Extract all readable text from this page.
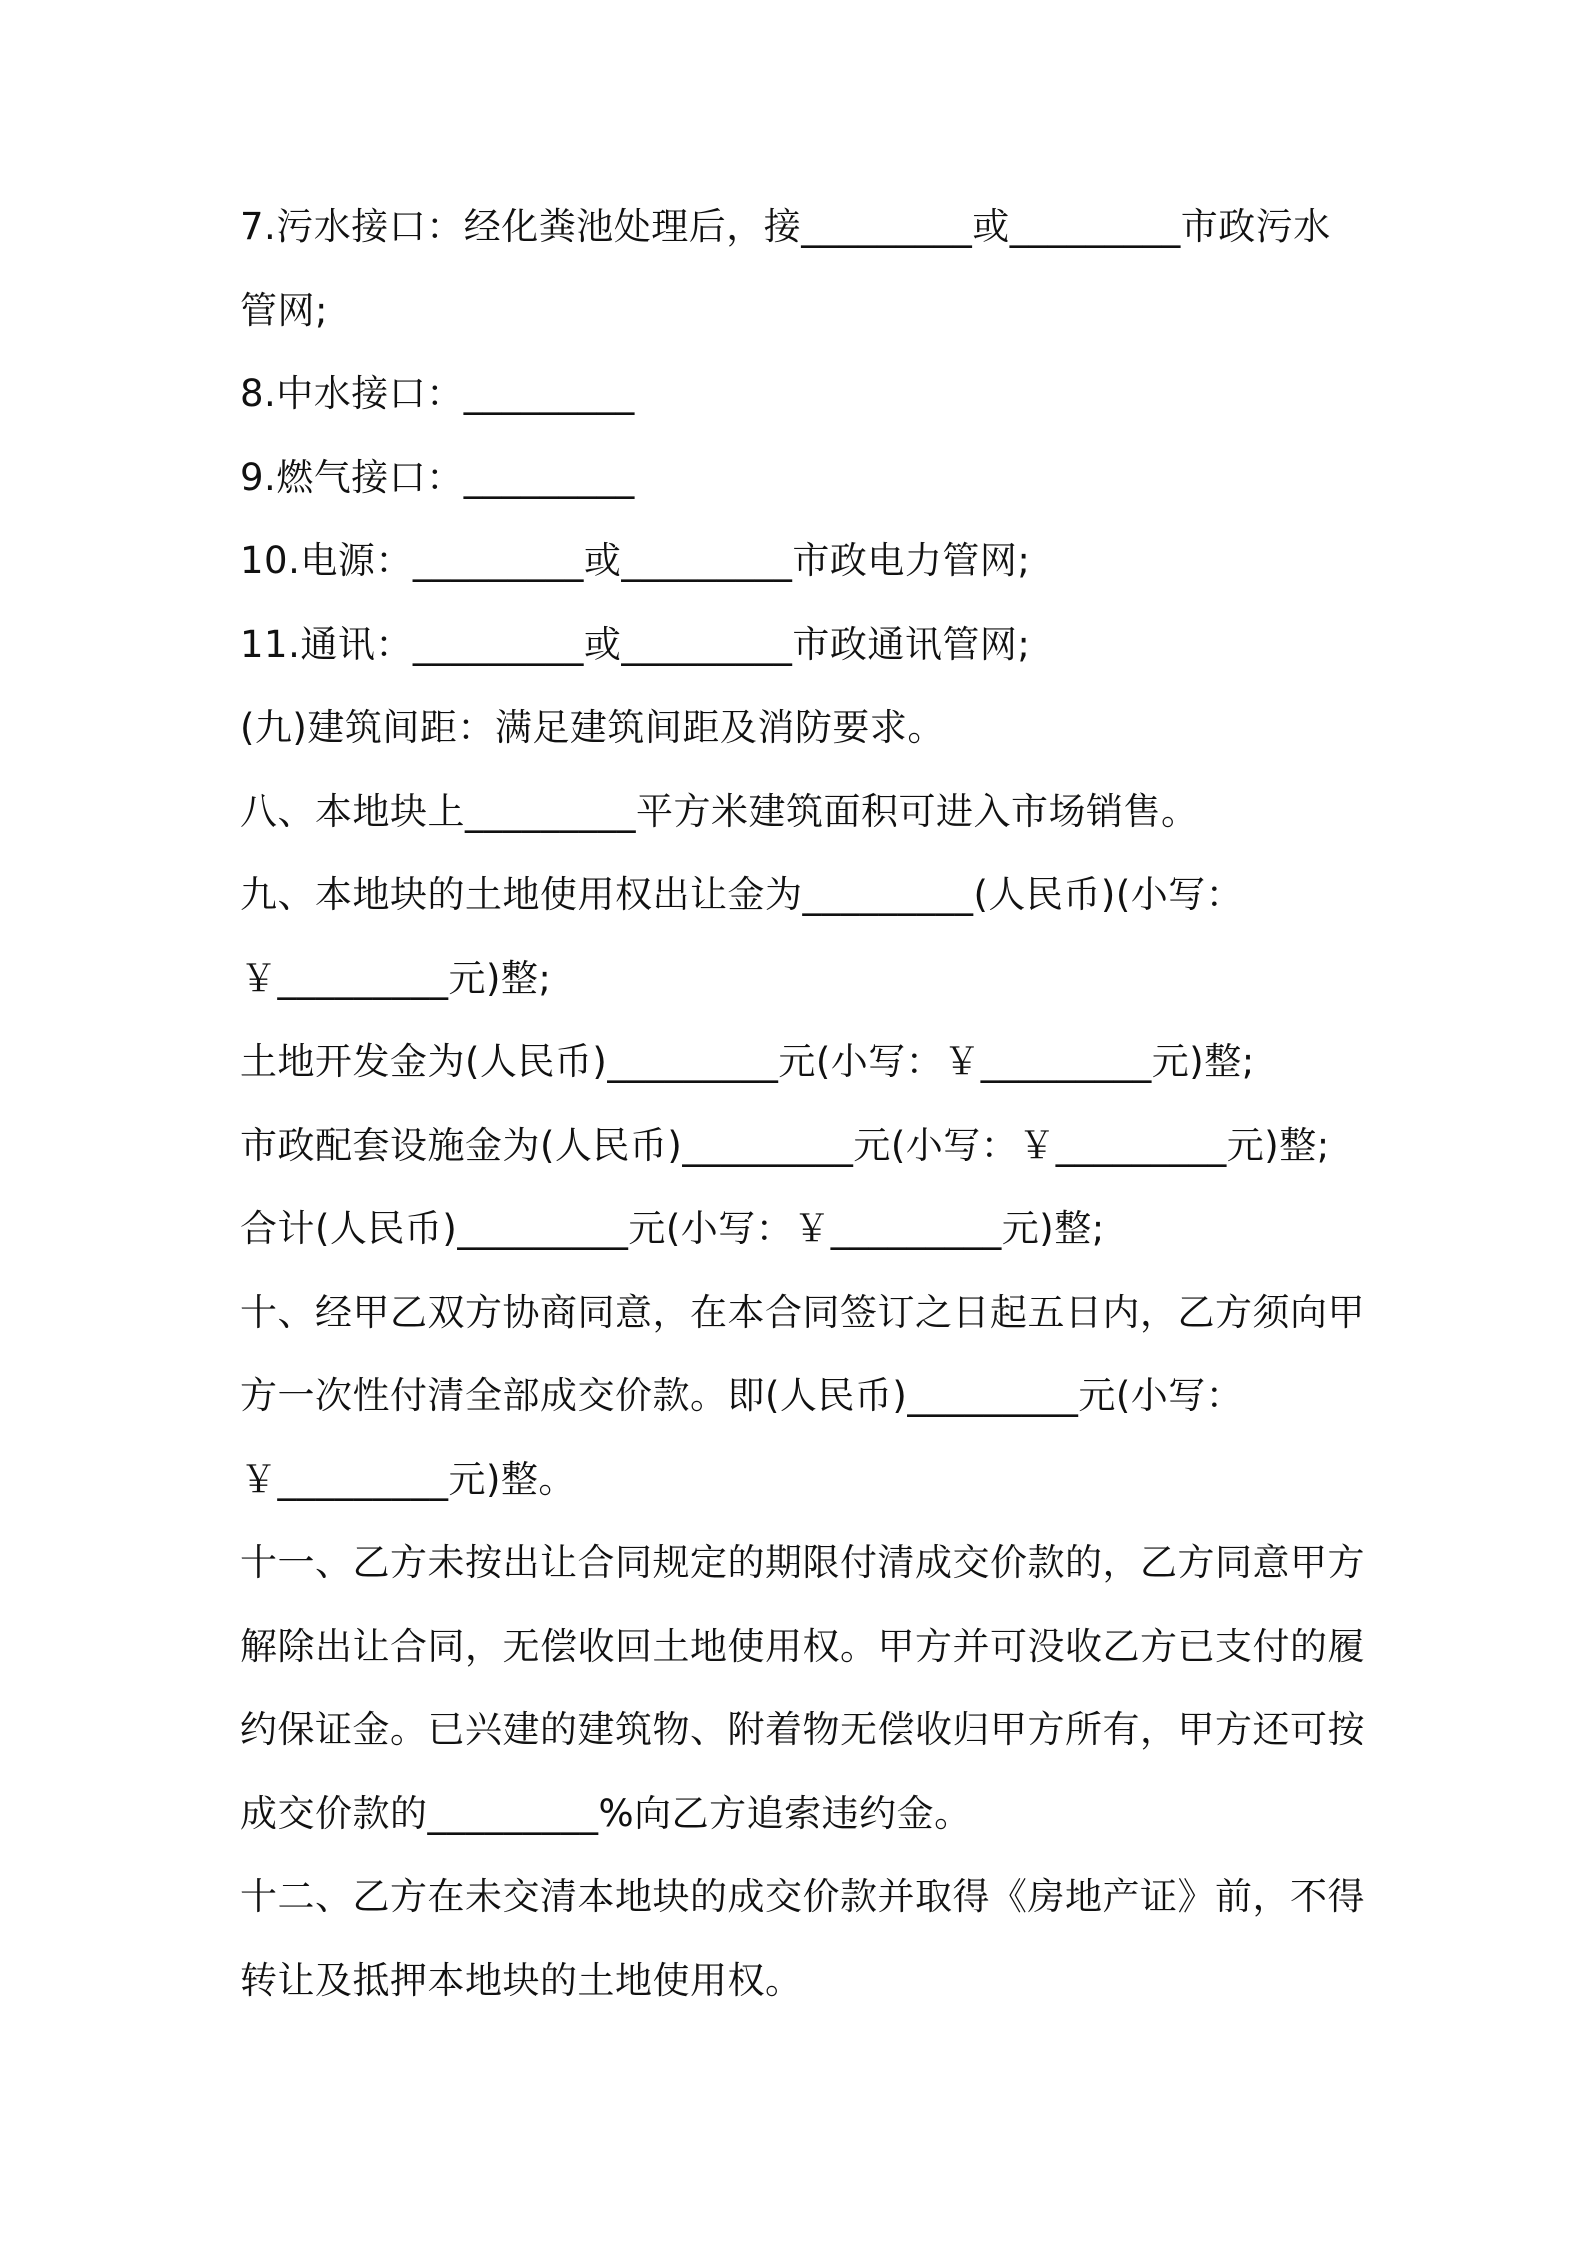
7.污水接口：经化粪池处理后，接_________或_________市政污水
管网;
8.中水接口：_________
9.燃气接口：_________
10.电源：_________或_________市政电力管网;
11.通讯：_________或_________市政通讯管网;
(九)建筑间距：满足建筑间距及消防要求。
八、本地块上_________平方米建筑面积可进入市场销售。
九、本地块的土地使用权出让金为_________(人民币)(小写：
￥_________元)整;
土地开发金为(人民币)_________元(小写：￥_________元)整;
市政配套设施金为(人民币)_________元(小写：￥_________元)整;
合计(人民币)_________元(小写：￥_________元)整;
十、经甲乙双方协商同意，在本合同签订之日起五日内，乙方须向甲
方一次性付清全部成交价款。即(人民币)_________元(小写：
￥_________元)整。
十一、乙方未按出让合同规定的期限付清成交价款的，乙方同意甲方
解除出让合同，无偿收回土地使用权。甲方并可没收乙方已支付的履
约保证金。已兴建的建筑物、附着物无偿收归甲方所有，甲方还可按
成交价款的_________%向乙方追索违约金。
十二、乙方在未交清本地块的成交价款并取得《房地产证》前，不得
转让及抵押本地块的土地使用权。
